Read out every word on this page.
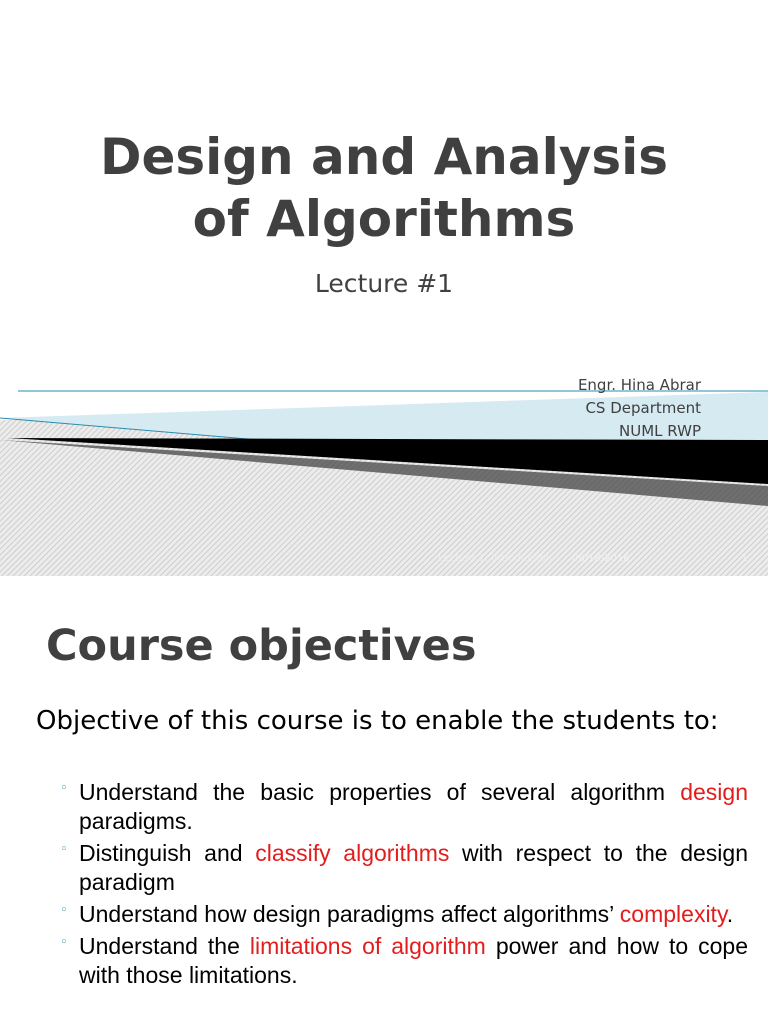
Design and Analysis
of Algorithms
Lecture #1
Engr. Hina Abrar
CS Department
NUML RWP
Lecture 1: Introduction	08/18/2016	1
Course objectives
Objective of this course is to enable the students to:
◦ Understand the basic properties of several algorithm design paradigms.
◦ Distinguish and classify algorithms with respect to the design paradigm
◦ Understand how design paradigms affect algorithms’ complexity.
◦ Understand the limitations of algorithm power and how to cope with those limitations.
